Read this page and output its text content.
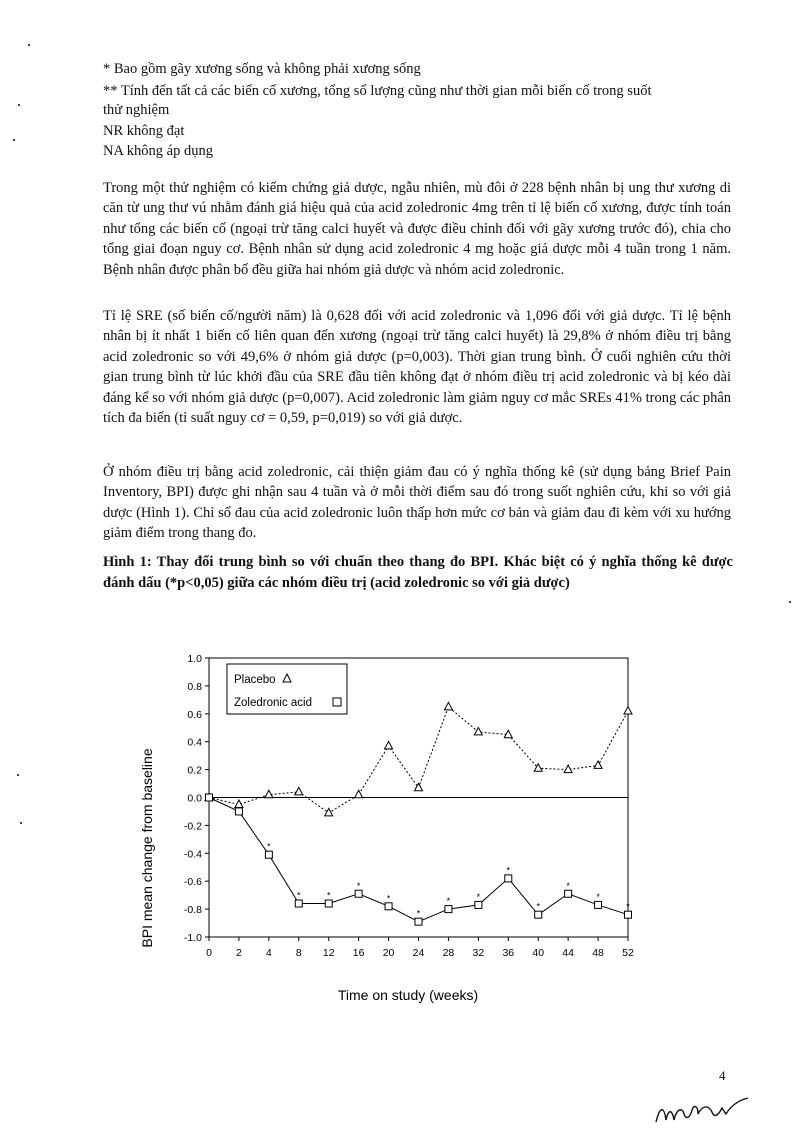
* Bao gồm gãy xương sống và không phải xương sống
** Tính đến tất cả các biến cố xương, tổng số lượng cũng như thời gian mỗi biến cố trong suốt
thử nghiệm
NR không đạt
NA không áp dụng
Trong một thử nghiệm có kiểm chứng giả dược, ngẫu nhiên, mù đôi ở 228 bệnh nhân bị ung thư xương di căn từ ung thư vú nhằm đánh giá hiệu quả của acid zoledronic 4mg trên tỉ lệ biến cố xương, được tính toán như tổng các biến cố (ngoại trừ tăng calci huyết và được điều chỉnh đối với gãy xương trước đó), chia cho tổng giai đoạn nguy cơ. Bệnh nhân sử dụng acid zoledronic 4 mg hoặc giả dược mỗi 4 tuần trong 1 năm. Bệnh nhân được phân bố đều giữa hai nhóm giả dược và nhóm acid zoledronic.
Tỉ lệ SRE (số biến cố/người năm) là 0,628 đối với acid zoledronic và 1,096 đối với giả dược. Tỉ lệ bệnh nhân bị ít nhất 1 biến cố liên quan đến xương (ngoại trừ tăng calci huyết) là 29,8% ở nhóm điều trị bằng acid zoledronic so với 49,6% ở nhóm giả dược (p=0,003). Thời gian trung bình. Ở cuối nghiên cứu thời gian trung bình từ lúc khởi đầu của SRE đầu tiên không đạt ở nhóm điều trị acid zoledronic và bị kéo dài đáng kể so với nhóm giả dược (p=0,007). Acid zoledronic làm giảm nguy cơ mắc SREs 41% trong các phân tích đa biến (tỉ suất nguy cơ = 0,59, p=0,019) so với giả dược.
Ở nhóm điều trị bằng acid zoledronic, cải thiện giảm đau có ý nghĩa thống kê (sử dụng bảng Brief Pain Inventory, BPI) được ghi nhận sau 4 tuần và ở mỗi thời điểm sau đó trong suốt nghiên cứu, khi so với giả dược (Hình 1). Chỉ số đau của acid zoledronic luôn thấp hơn mức cơ bản và giảm đau đi kèm với xu hướng giảm điểm trong thang đo.
Hình 1: Thay đổi trung bình so với chuẩn theo thang đo BPI. Khác biệt có ý nghĩa thống kê được đánh dấu (*p<0,05) giữa các nhóm điều trị (acid zoledronic so với giả dược)
1.0
0.8
0.6
0.4
0.2
0.0
-0.2
-0.4
-0.6
-0.8
-1.0
0 2 4 8 12 16 20 24 28 32 36 40 44 48 52
*
*	*
*
*
*
*	*
*
*
*
*
*
Placebo
Zoledronic acid
BPI mean change from baseline
Time on study (weeks)
4
